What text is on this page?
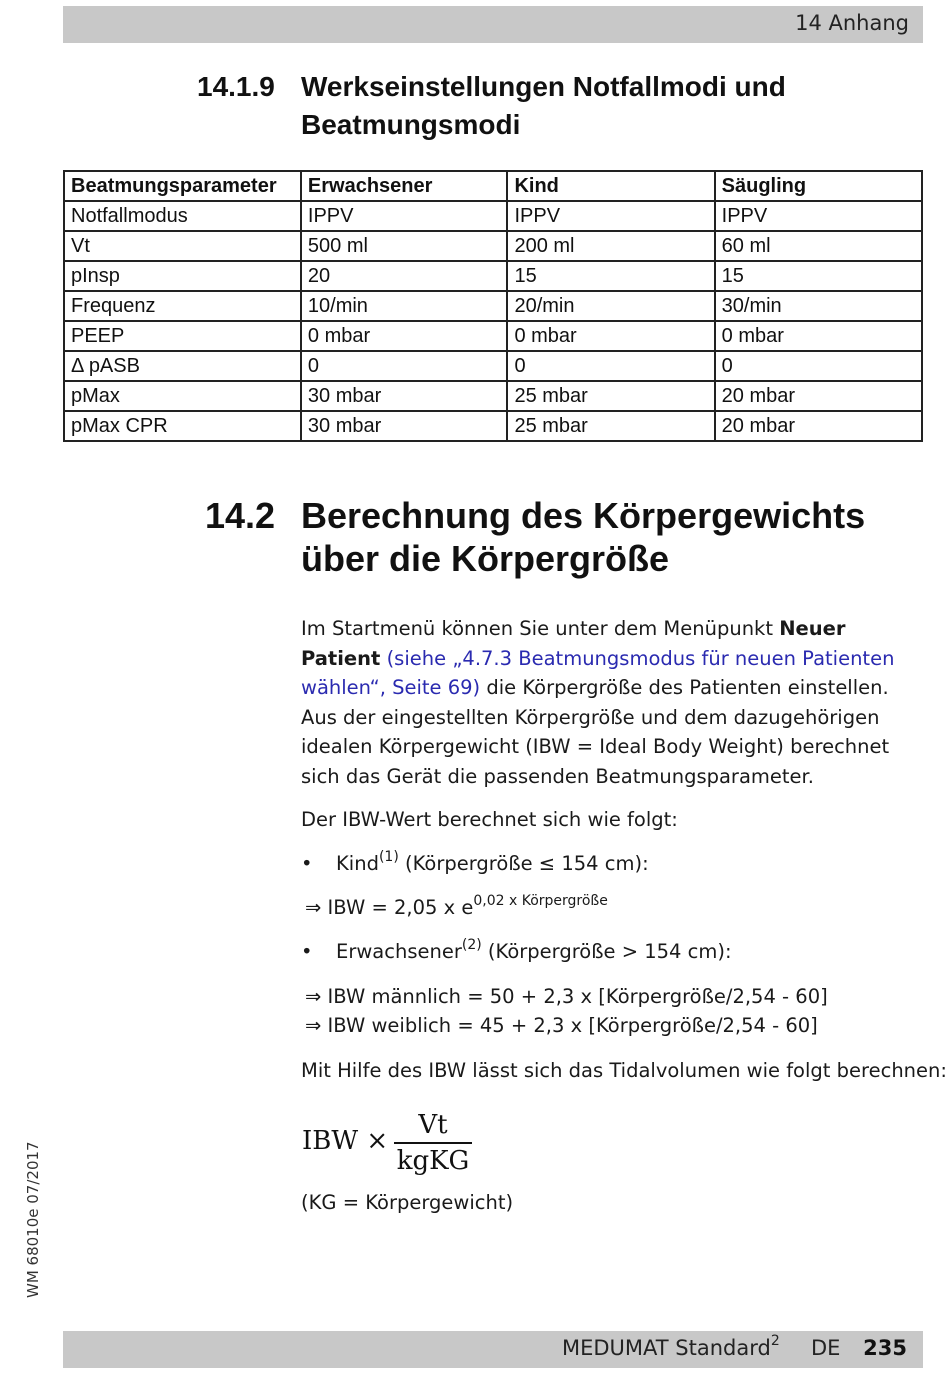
14 Anhang
14.1.9 Werkseinstellungen Notfallmodi und Beatmungsmodi
Beatmungsparameter	Erwachsener	Kind	Säugling
Notfallmodus	IPPV	IPPV	IPPV
Vt	500 ml	200 ml	60 ml
pInsp	20	15	15
Frequenz	10/min	20/min	30/min
PEEP	0 mbar	0 mbar	0 mbar
Δ pASB	0	0	0
pMax	30 mbar	25 mbar	20 mbar
pMax CPR	30 mbar	25 mbar	20 mbar
14.2 Berechnung des Körpergewichts über die Körpergröße
Im Startmenü können Sie unter dem Menüpunkt Neuer Patient (siehe „4.7.3 Beatmungsmodus für neuen Patienten wählen“, Seite 69) die Körpergröße des Patienten einstellen. Aus der eingestellten Körpergröße und dem dazugehörigen idealen Körpergewicht (IBW = Ideal Body Weight) berechnet sich das Gerät die passenden Beatmungsparameter.
Der IBW-Wert berechnet sich wie folgt:
• Kind$^{(1)}$ (Körpergröße ≤ 154 cm):
⇒ IBW = 2,05 x $e^{0,02 x Körpergröße}$
• Erwachsener$^{(2)}$ (Körpergröße > 154 cm):
⇒ IBW männlich = 50 + 2,3 x [Körpergröße/2,54 - 60]
⇒ IBW weiblich = 45 + 2,3 x [Körpergröße/2,54 - 60]
Mit Hilfe des IBW lässt sich das Tidalvolumen wie folgt berechnen:
IBW ×
Vt
kgKG
(KG = Körpergewicht)
WM 68010e 07/2017
MEDUMAT Standard$^2$ DE 235
